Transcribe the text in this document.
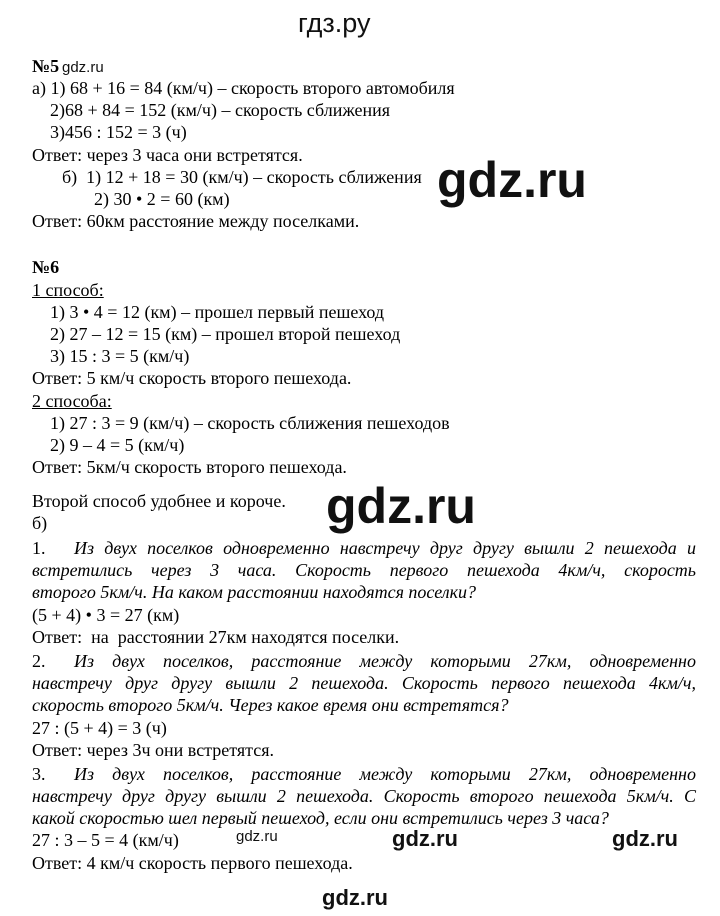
гдз.ру
№5 gdz.ru
а) 1) 68 + 16 = 84 (км/ч) – скорость второго автомобиля
2)68 + 84 = 152 (км/ч) – скорость сближения
3)456 : 152 = 3 (ч)
Ответ: через 3 часа они встретятся.
б)  1) 12 + 18 = 30 (км/ч) – скорость сближения
2) 30 • 2 = 60 (км)
Ответ: 60км расстояние между поселками.
gdz.ru
№6
1 способ:
1) 3 • 4 = 12 (км) – прошел первый пешеход
2) 27 – 12 = 15 (км) – прошел второй пешеход
3) 15 : 3 = 5 (км/ч)
Ответ: 5 км/ч скорость второго пешехода.
2 способа:
1) 27 : 3 = 9 (км/ч) – скорость сближения пешеходов
2) 9 – 4 = 5 (км/ч)
Ответ: 5км/ч скорость второго пешехода.
Второй способ удобнее и короче. gdz.ru
б)
1. Из двух поселков одновременно навстречу друг другу вышли 2 пешехода и
встретились через 3 часа. Скорость первого пешехода 4км/ч, скорость
второго 5км/ч. На каком расстоянии находятся поселки?
(5 + 4) • 3 = 27 (км)
Ответ:  на  расстоянии 27км находятся поселки.
2. Из двух поселков, расстояние между которыми 27км, одновременно
навстречу друг другу вышли 2 пешехода. Скорость первого пешехода 4км/ч,
скорость второго 5км/ч. Через какое время они встретятся?
27 : (5 + 4) = 3 (ч)
Ответ: через 3ч они встретятся.
3. Из двух поселков, расстояние между которыми 27км, одновременно
навстречу друг другу вышли 2 пешехода. Скорость второго пешехода 5км/ч. С
какой скоростью шел первый пешеход, если они встретились через 3 часа?
27 : 3 – 5 = 4 (км/ч)	gdz.ru	gdz.ru	gdz.ru
Ответ: 4 км/ч скорость первого пешехода.
gdz.ru
